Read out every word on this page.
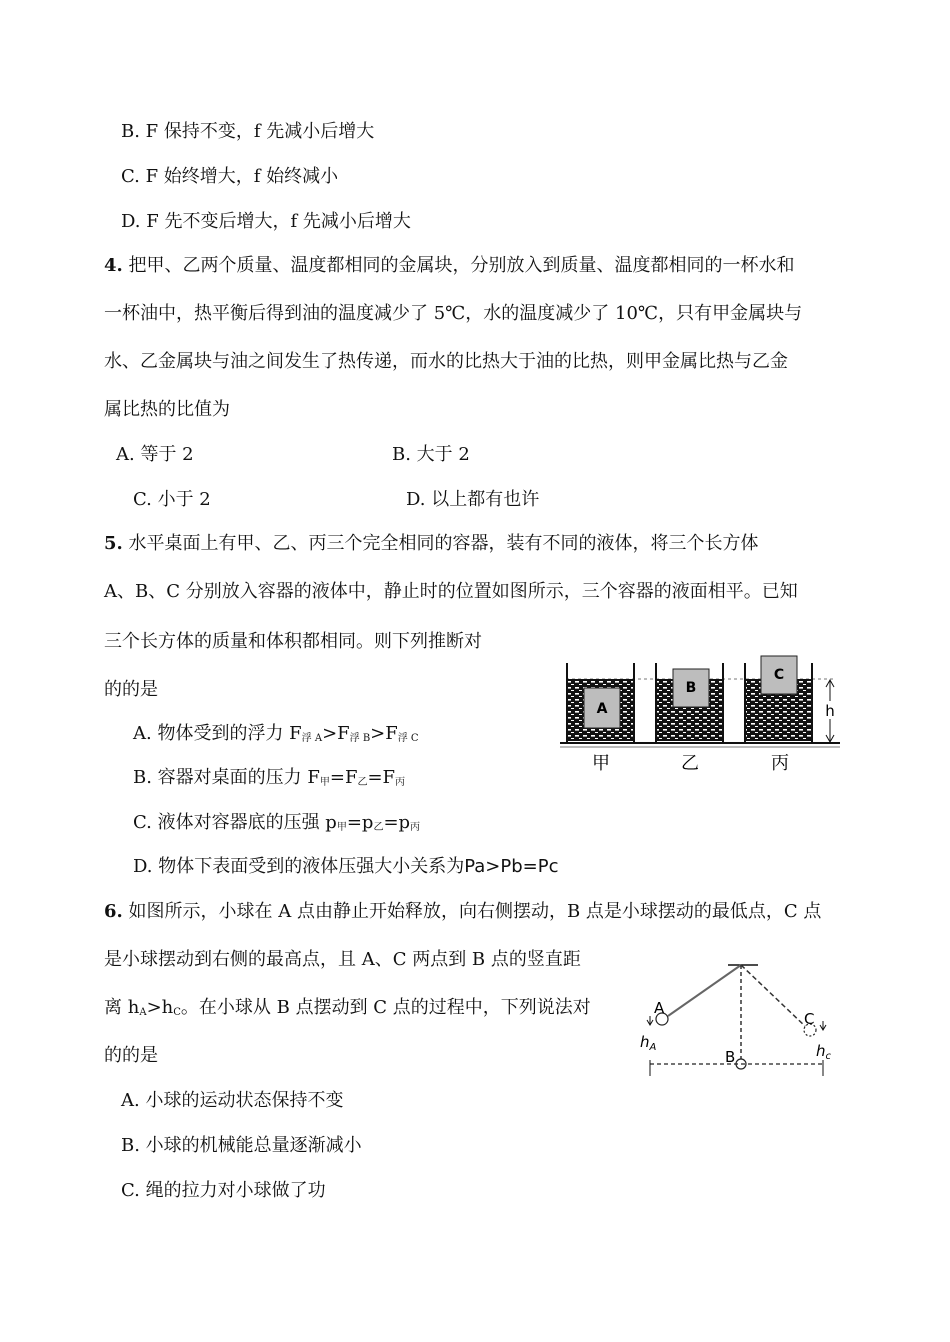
B. F 保持不变，f 先减小后增大
C. F 始终增大，f 始终减小
D. F 先不变后增大，f 先减小后增大
4. 把甲、乙两个质量、温度都相同的金属块，分别放入到质量、温度都相同的一杯水和
一杯油中，热平衡后得到油的温度减少了 5℃，水的温度减少了 10℃，只有甲金属块与
水、乙金属块与油之间发生了热传递，而水的比热大于油的比热，则甲金属比热与乙金
属比热的比值为
A. 等于 2	B. 大于 2
C. 小于 2	D. 以上都有也许
5. 水平桌面上有甲、乙、丙三个完全相同的容器，装有不同的液体，将三个长方体
A、B、C 分别放入容器的液体中，静止时的位置如图所示，三个容器的液面相平。已知
三个长方体的质量和体积都相同。则下列推断对
的的是
A. 物体受到的浮力 $F_{浮 A}>F_{浮 B}>F_{浮 C}$
B. 容器对桌面的压力 $F_甲=F_乙=F_丙$
C. 液体对容器底的压强 $p_甲=p_乙=p_丙$
D. 物体下表面受到的液体压强大小关系为Pa>Pb=Pc
A
B
C
h
甲	乙	丙
6. 如图所示，小球在 A 点由静止开始释放，向右侧摆动，B 点是小球摆动的最低点，C 点
是小球摆动到右侧的最高点，且 A、C 两点到 B 点的竖直距
离 $h_A>h_C$。在小球从 B 点摆动到 C 点的过程中，下列说法对
的的是
A. 小球的运动状态保持不变
B. 小球的机械能总量逐渐减小
C. 绳的拉力对小球做了功
A
B
C
$h_A$	$h_c$
